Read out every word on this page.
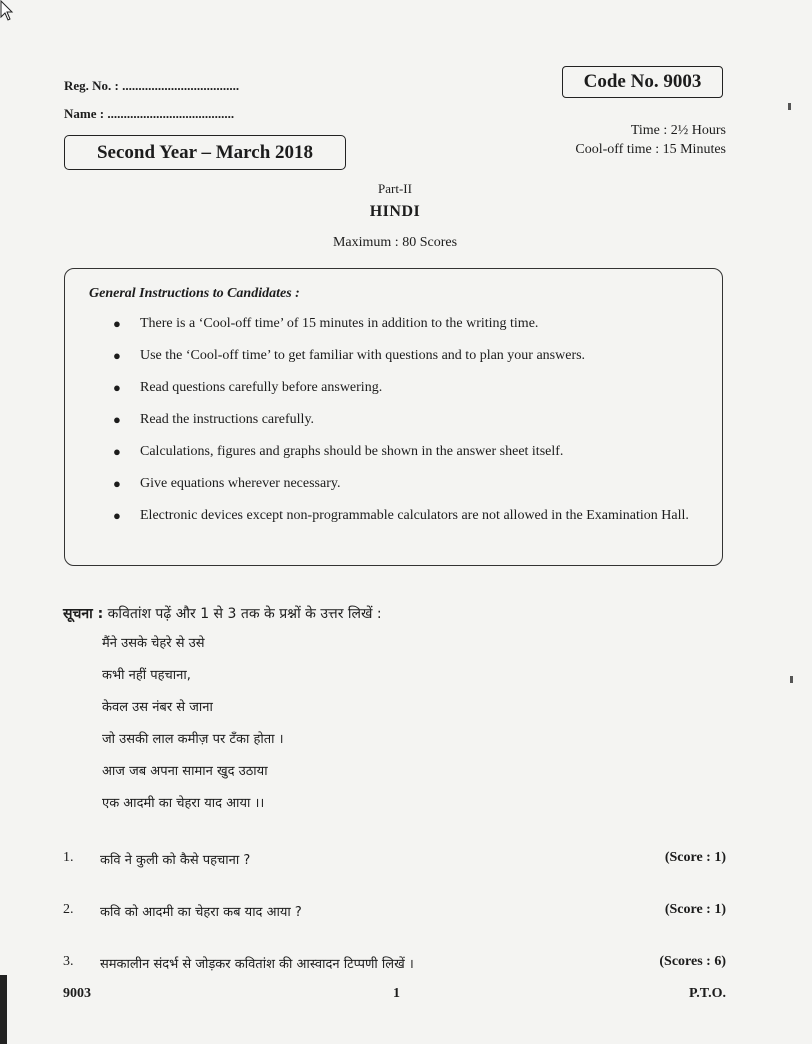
Reg. No. : ....................................
Name : .......................................
Code No. 9003
Time : 2½ Hours
Cool-off time : 15 Minutes
Second Year – March 2018
Part-II
HINDI
Maximum : 80 Scores
General Instructions to Candidates :
● There is a ‘Cool-off time’ of 15 minutes in addition to the writing time.
● Use the ‘Cool-off time’ to get familiar with questions and to plan your answers.
● Read questions carefully before answering.
● Read the instructions carefully.
● Calculations, figures and graphs should be shown in the answer sheet itself.
● Give equations wherever necessary.
● Electronic devices except non-programmable calculators are not allowed in the Examination Hall.
सूचना : कवितांश पढ़ें और 1 से 3 तक के प्रश्नों के उत्तर लिखें :
मैंने उसके चेहरे से उसे
कभी नहीं पहचाना,
केवल उस नंबर से जाना
जो उसकी लाल कमीज़ पर टँका होता ।
आज जब अपना सामान खुद उठाया
एक आदमी का चेहरा याद आया ।।
1. कवि ने कुली को कैसे पहचाना ?	(Score : 1)
2. कवि को आदमी का चेहरा कब याद आया ?	(Score : 1)
3. समकालीन संदर्भ से जोड़कर कवितांश की आस्वादन टिप्पणी लिखें ।	(Scores : 6)
9003	1	P.T.O.
